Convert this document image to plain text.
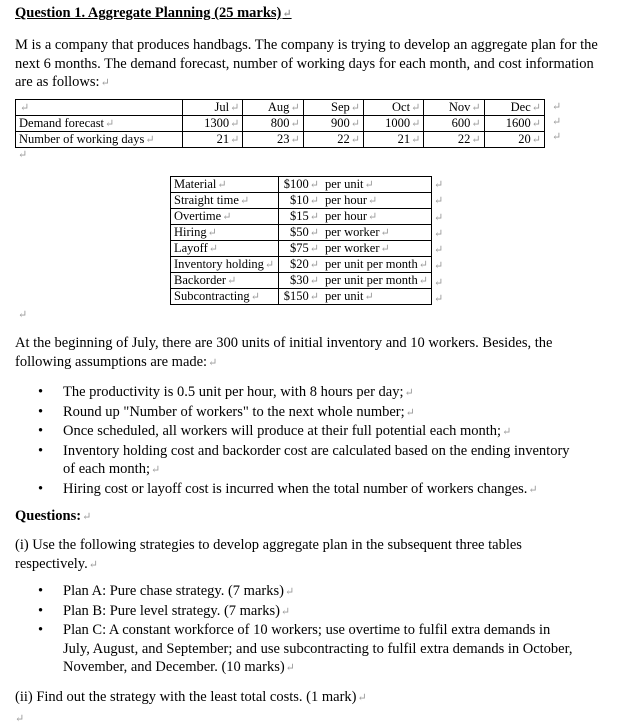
Question 1. Aggregate Planning (25 marks)↵
M is a company that produces handbags. The company is trying to develop an aggregate plan for the next 6 months. The demand forecast, number of working days for each month, and cost information are as follows:↵
↵	Jul↵	Aug↵	Sep↵	Oct↵	Nov↵	Dec↵
Demand forecast↵	1300↵	800↵	900↵	1000↵	600↵	1600↵
Number of working days↵	21↵	23↵	22↵	21↵	22↵	20↵
↵
↵
↵
↵
Material↵	$100↵	per unit↵
Straight time↵	$10↵	per hour↵
Overtime↵	$15↵	per hour↵
Hiring↵	$50↵	per worker↵
Layoff↵	$75↵	per worker↵
Inventory holding↵	$20↵	per unit per month↵
Backorder↵	$30↵	per unit per month↵
Subcontracting↵	$150↵	per unit↵
↵
↵
↵
↵
↵
↵
↵
↵
↵
At the beginning of July, there are 300 units of initial inventory and 10 workers. Besides, the following assumptions are made:↵
• The productivity is 0.5 unit per hour, with 8 hours per day;↵
• Round up "Number of workers" to the next whole number;↵
• Once scheduled, all workers will produce at their full potential each month;↵
• Inventory holding cost and backorder cost are calculated based on the ending inventory of each month;↵
• Hiring cost or layoff cost is incurred when the total number of workers changes.↵
Questions:↵
(i) Use the following strategies to develop aggregate plan in the subsequent three tables respectively.↵
• Plan A: Pure chase strategy. (7 marks)↵
• Plan B: Pure level strategy. (7 marks)↵
• Plan C: A constant workforce of 10 workers; use overtime to fulfil extra demands in July, August, and September; and use subcontracting to fulfil extra demands in October, November, and December. (10 marks)↵
(ii) Find out the strategy with the least total costs. (1 mark)↵
↵
